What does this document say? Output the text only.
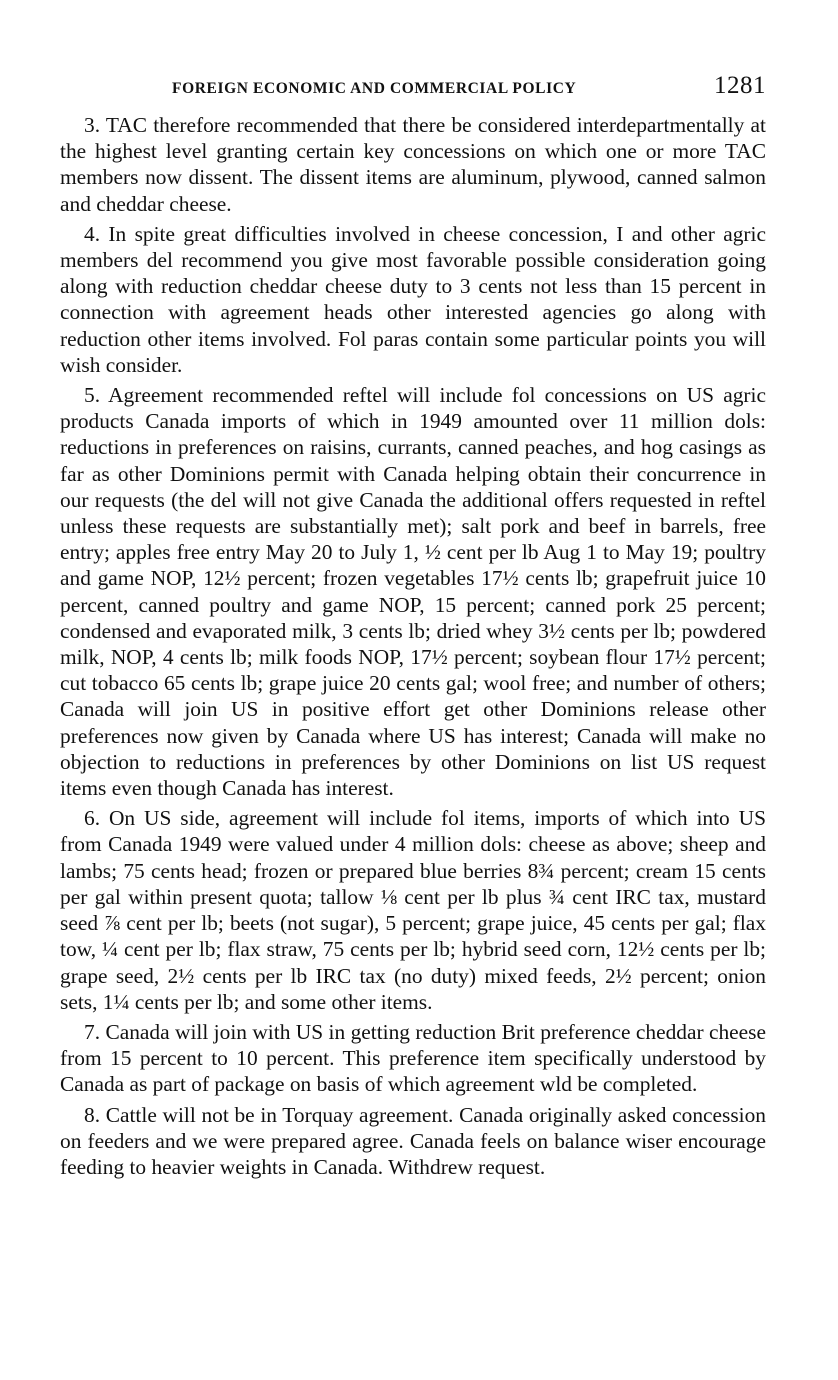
FOREIGN ECONOMIC AND COMMERCIAL POLICY	1281

3. TAC therefore recommended that there be considered interdepartmentally at the highest level granting certain key concessions on which one or more TAC members now dissent. The dissent items are aluminum, plywood, canned salmon and cheddar cheese.

4. In spite great difficulties involved in cheese concession, I and other agric members del recommend you give most favorable possible consideration going along with reduction cheddar cheese duty to 3 cents not less than 15 percent in connection with agreement heads other interested agencies go along with reduction other items involved. Fol paras contain some particular points you will wish consider.

5. Agreement recommended reftel will include fol concessions on US agric products Canada imports of which in 1949 amounted over 11 million dols: reductions in preferences on raisins, currants, canned peaches, and hog casings as far as other Dominions permit with Canada helping obtain their concurrence in our requests (the del will not give Canada the additional offers requested in reftel unless these requests are substantially met); salt pork and beef in barrels, free entry; apples free entry May 20 to July 1, ½ cent per lb Aug 1 to May 19; poultry and game NOP, 12½ percent; frozen vegetables 17½ cents lb; grapefruit juice 10 percent, canned poultry and game NOP, 15 percent; canned pork 25 percent; condensed and evaporated milk, 3 cents lb; dried whey 3½ cents per lb; powdered milk, NOP, 4 cents lb; milk foods NOP, 17½ percent; soybean flour 17½ percent; cut tobacco 65 cents lb; grape juice 20 cents gal; wool free; and number of others; Canada will join US in positive effort get other Dominions release other preferences now given by Canada where US has interest; Canada will make no objection to reductions in preferences by other Dominions on list US request items even though Canada has interest.

6. On US side, agreement will include fol items, imports of which into US from Canada 1949 were valued under 4 million dols: cheese as above; sheep and lambs; 75 cents head; frozen or prepared blue berries 8¾ percent; cream 15 cents per gal within present quota; tallow ⅛ cent per lb plus ¾ cent IRC tax, mustard seed ⅞ cent per lb; beets (not sugar), 5 percent; grape juice, 45 cents per gal; flax tow, ¼ cent per lb; flax straw, 75 cents per lb; hybrid seed corn, 12½ cents per lb; grape seed, 2½ cents per lb IRC tax (no duty) mixed feeds, 2½ percent; onion sets, 1¼ cents per lb; and some other items.

7. Canada will join with US in getting reduction Brit preference cheddar cheese from 15 percent to 10 percent. This preference item specifically understood by Canada as part of package on basis of which agreement wld be completed.

8. Cattle will not be in Torquay agreement. Canada originally asked concession on feeders and we were prepared agree. Canada feels on balance wiser encourage feeding to heavier weights in Canada. Withdrew request.
